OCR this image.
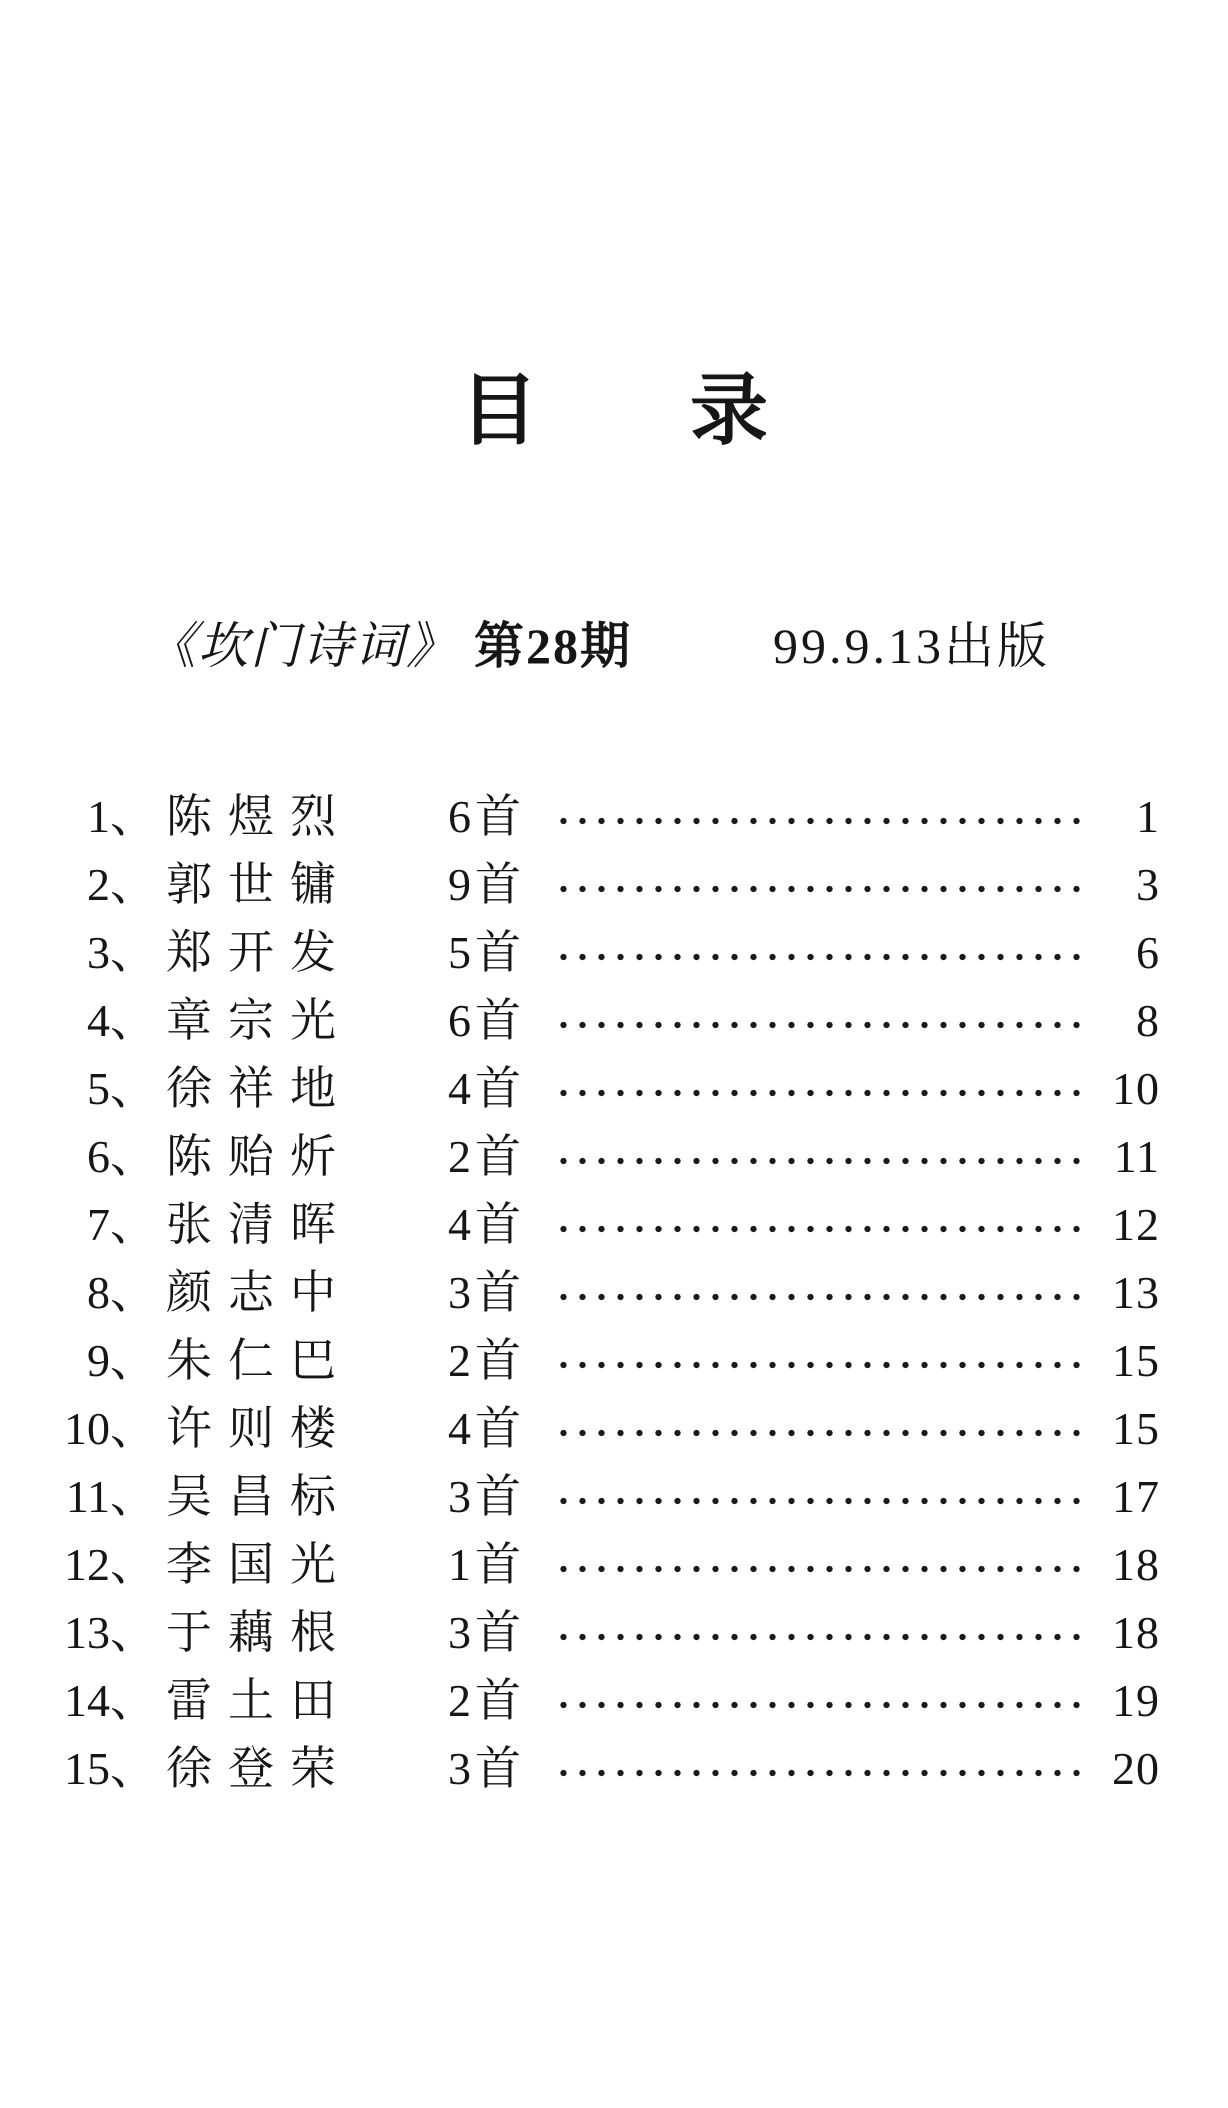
目 录
《坎门诗词》 第28期	99.9.13出版
1、 陈煜烈	6首	1
2、 郭世镛	9首	3
3、 郑开发	5首	6
4、 章宗光	6首	8
5、 徐祥地	4首	10
6、 陈贻炘	2首	11
7、 张清晖	4首	12
8、 颜志中	3首	13
9、 朱仁巴	2首	15
10、 许则楼	4首	15
11、 吴昌标	3首	17
12、 李国光	1首	18
13、 于藕根	3首	18
14、 雷土田	2首	19
15、 徐登荣	3首	20
